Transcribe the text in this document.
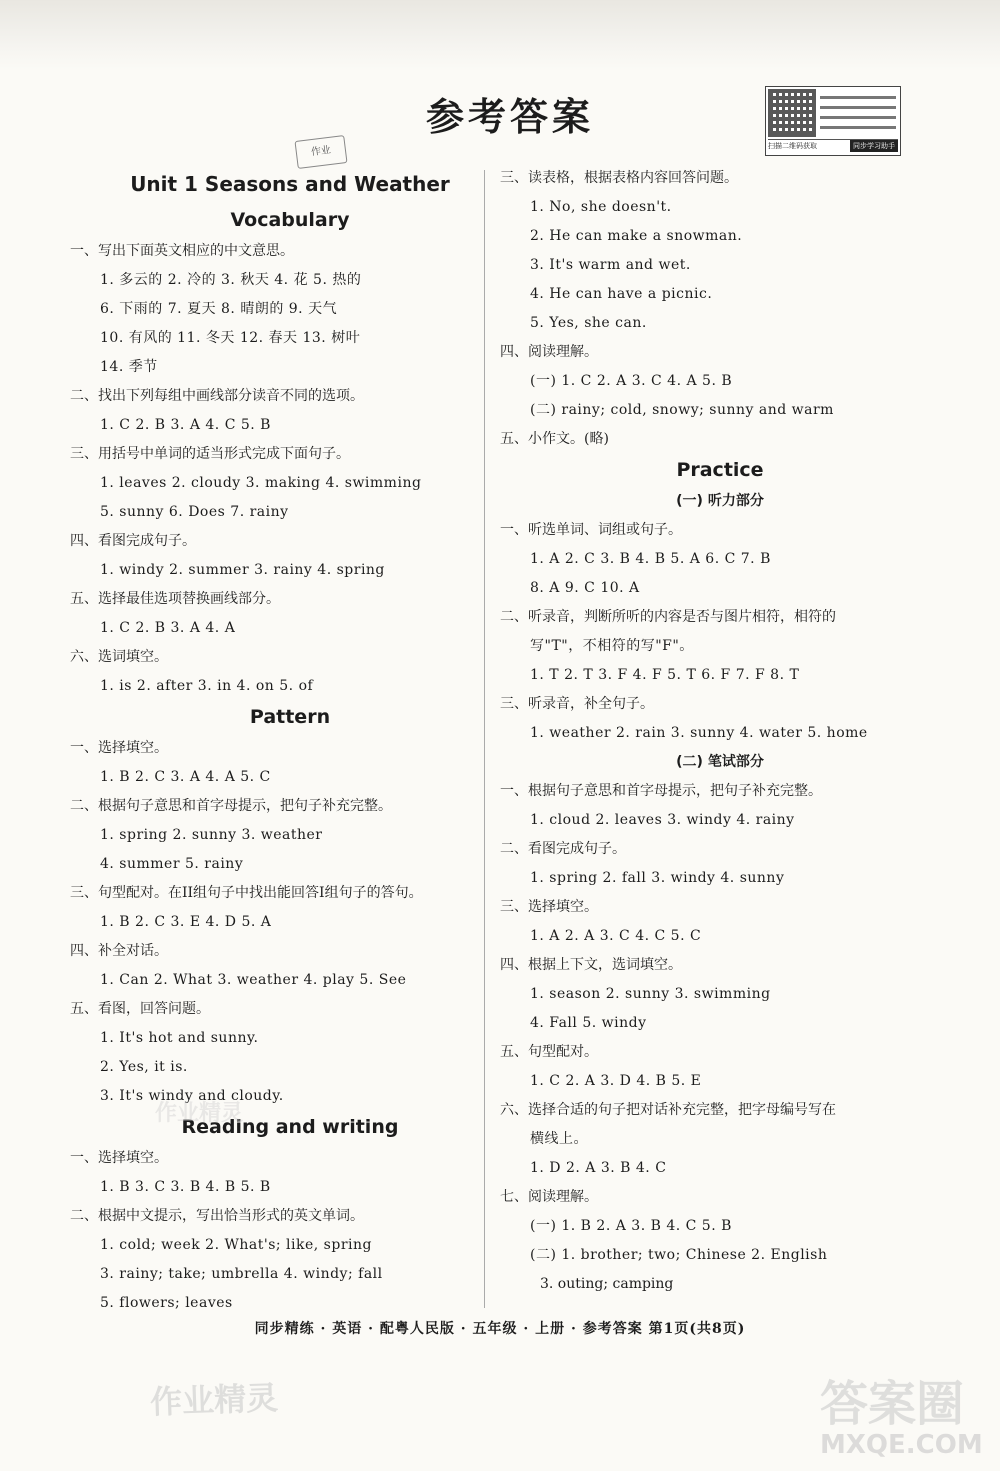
参考答案
扫描二维码获取	同步学习助手
作业
Unit 1 Seasons and Weather
Vocabulary
一、写出下面英文相应的中文意思。
1. 多云的 2. 冷的 3. 秋天 4. 花 5. 热的
6. 下雨的 7. 夏天 8. 晴朗的 9. 天气
10. 有风的 11. 冬天 12. 春天 13. 树叶
14. 季节
二、找出下列每组中画线部分读音不同的选项。
1. C 2. B 3. A 4. C 5. B
三、用括号中单词的适当形式完成下面句子。
1. leaves 2. cloudy 3. making 4. swimming
5. sunny 6. Does 7. rainy
四、看图完成句子。
1. windy 2. summer 3. rainy 4. spring
五、选择最佳选项替换画线部分。
1. C 2. B 3. A 4. A
六、选词填空。
1. is 2. after 3. in 4. on 5. of
Pattern
一、选择填空。
1. B 2. C 3. A 4. A 5. C
二、根据句子意思和首字母提示，把句子补充完整。
1. spring 2. sunny 3. weather
4. summer 5. rainy
三、句型配对。在II组句子中找出能回答I组句子的答句。
1. B 2. C 3. E 4. D 5. A
四、补全对话。
1. Can 2. What 3. weather 4. play 5. See
五、看图，回答问题。
1. It's hot and sunny.
2. Yes, it is.
3. It's windy and cloudy.
Reading and writing
一、选择填空。
1. B 3. C 3. B 4. B 5. B
二、根据中文提示，写出恰当形式的英文单词。
1. cold; week 2. What's; like, spring
3. rainy; take; umbrella 4. windy; fall
5. flowers; leaves
三、读表格，根据表格内容回答问题。
1. No, she doesn't.
2. He can make a snowman.
3. It's warm and wet.
4. He can have a picnic.
5. Yes, she can.
四、阅读理解。
(一) 1. C 2. A 3. C 4. A 5. B
(二) rainy; cold, snowy; sunny and warm
五、小作文。(略)
Practice
(一) 听力部分
一、听选单词、词组或句子。
1. A 2. C 3. B 4. B 5. A 6. C 7. B
8. A 9. C 10. A
二、听录音，判断所听的内容是否与图片相符，相符的
写"T"，不相符的写"F"。
1. T 2. T 3. F 4. F 5. T 6. F 7. F 8. T
三、听录音，补全句子。
1. weather 2. rain 3. sunny 4. water 5. home
(二) 笔试部分
一、根据句子意思和首字母提示，把句子补充完整。
1. cloud 2. leaves 3. windy 4. rainy
二、看图完成句子。
1. spring 2. fall 3. windy 4. sunny
三、选择填空。
1. A 2. A 3. C 4. C 5. C
四、根据上下文，选词填空。
1. season 2. sunny 3. swimming
4. Fall 5. windy
五、句型配对。
1. C 2. A 3. D 4. B 5. E
六、选择合适的句子把对话补充完整，把字母编号写在
横线上。
1. D 2. A 3. B 4. C
七、阅读理解。
(一) 1. B 2. A 3. B 4. C 5. B
(二) 1. brother; two; Chinese 2. English
3. outing; camping
同步精练 · 英语 · 配粤人民版 · 五年级 · 上册 · 参考答案 第1页(共8页)
作业精灵
作业精灵	答案圈
MXQE.COM
